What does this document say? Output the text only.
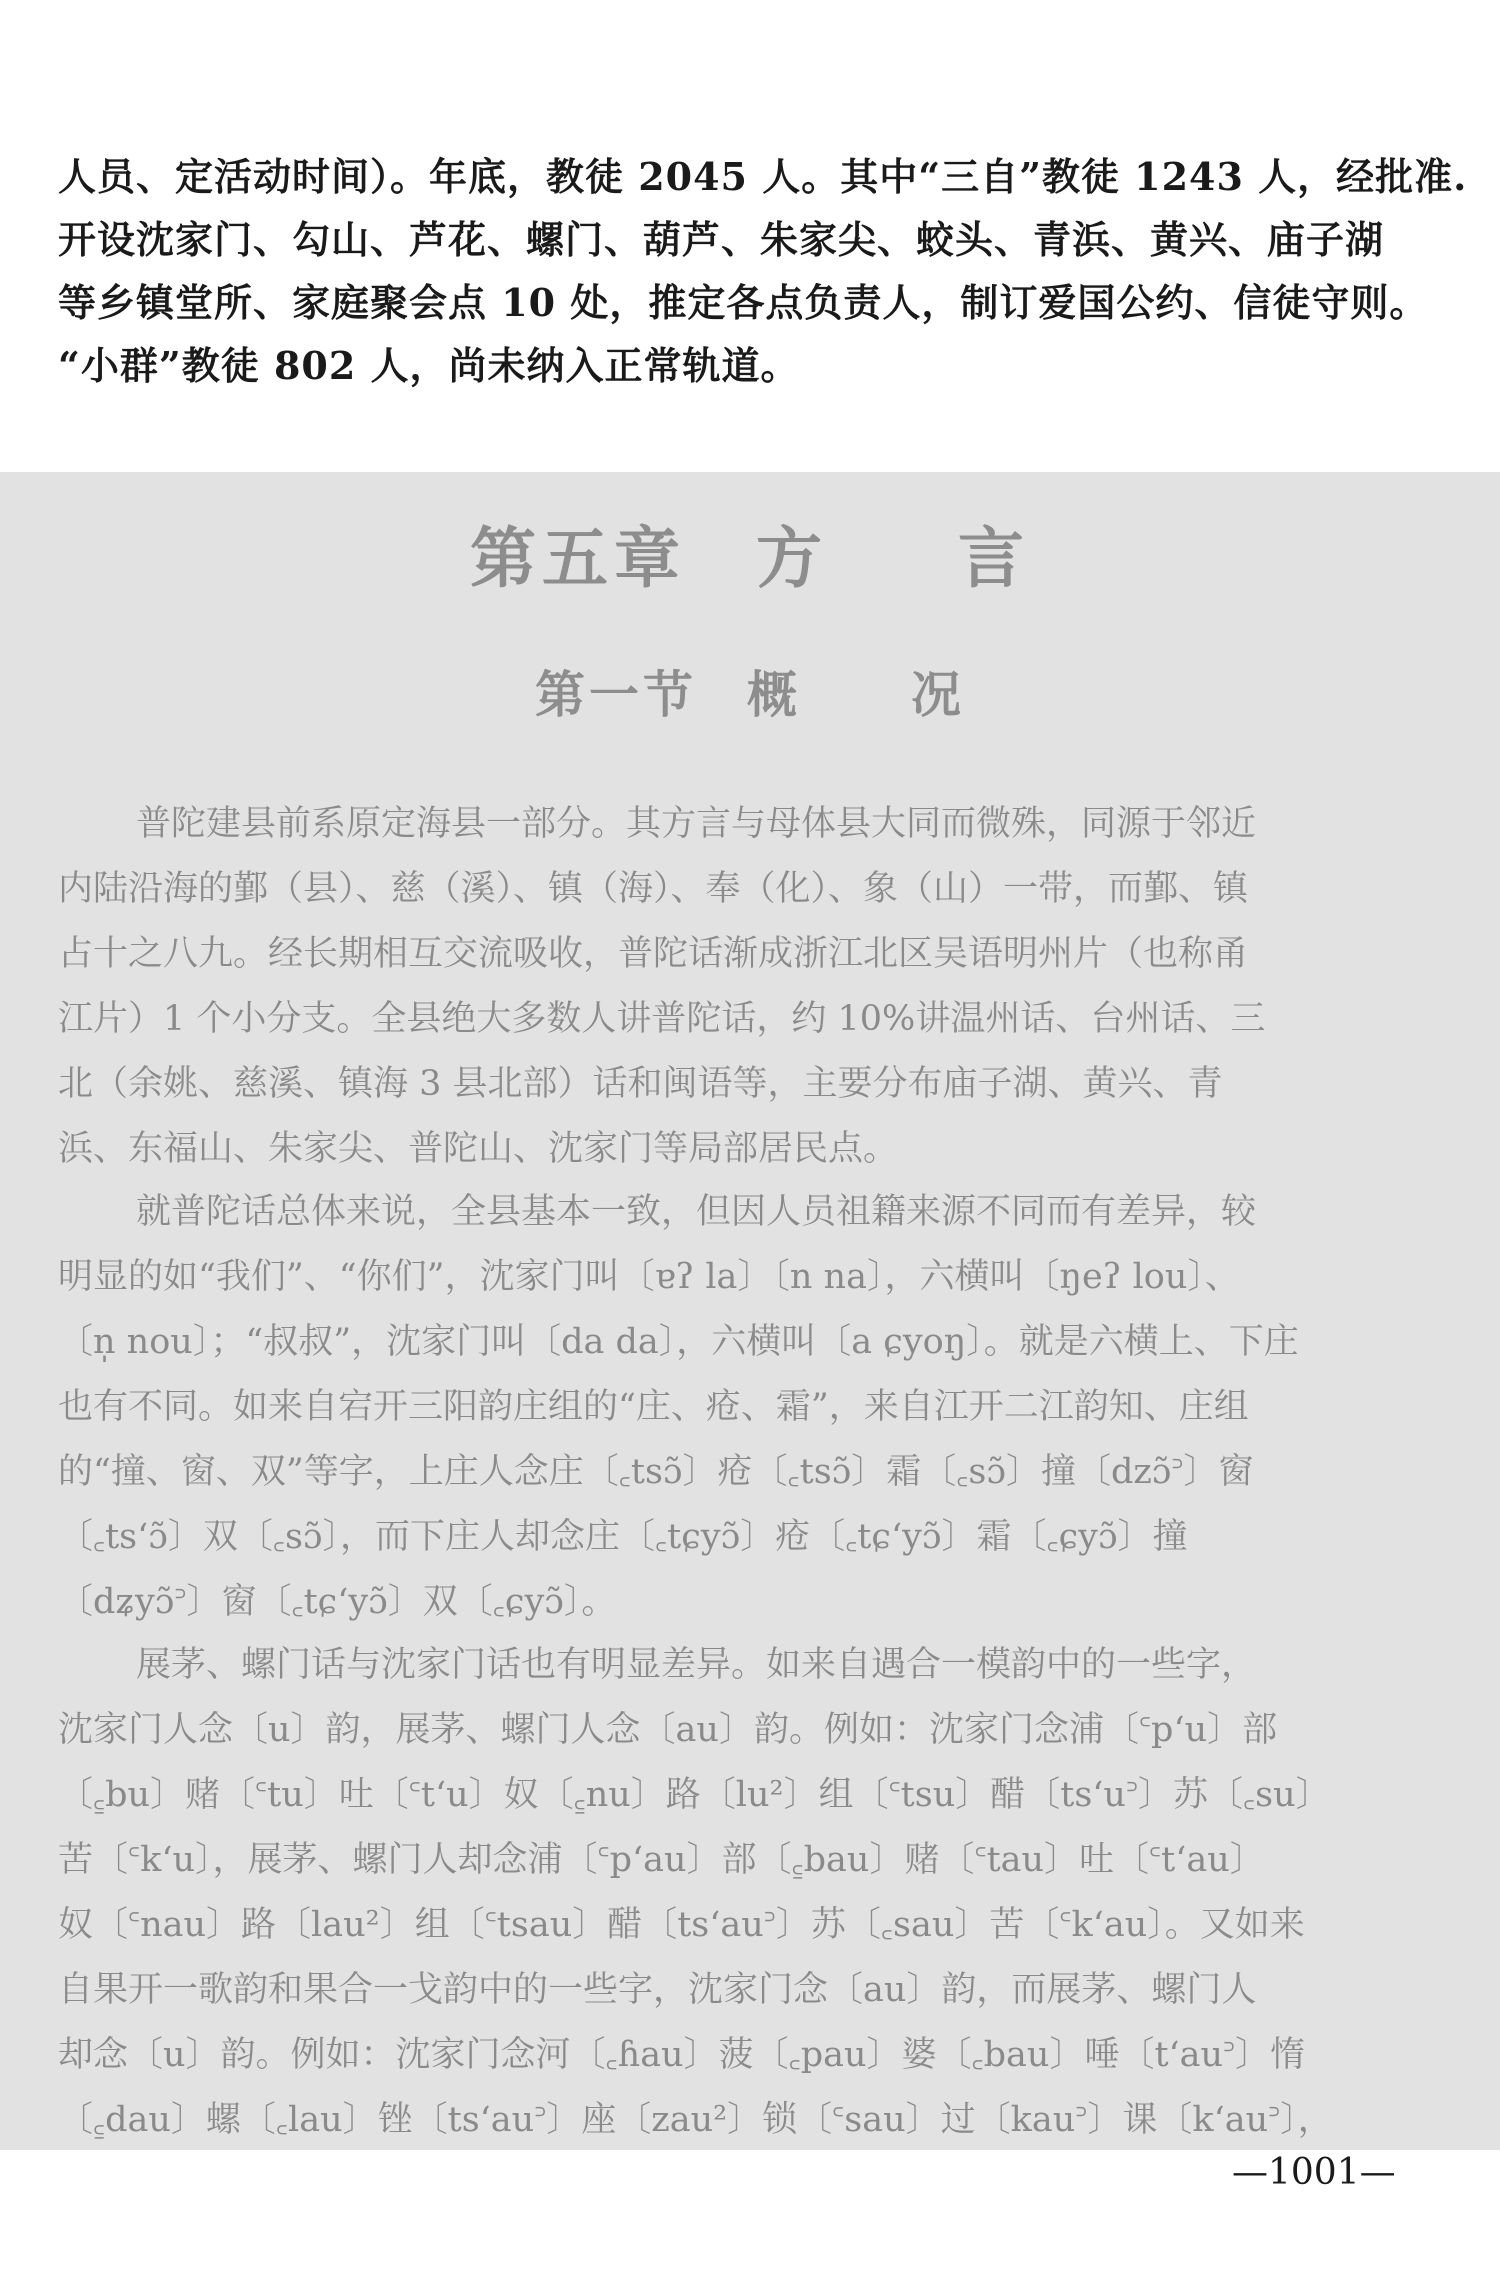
人员、定活动时间）。年底，教徒 2045 人。其中“三自”教徒 1243 人，经批准.
开设沈家门、勾山、芦花、螺门、葫芦、朱家尖、蛟头、青浜、黄兴、庙子湖
等乡镇堂所、家庭聚会点 10 处，推定各点负责人，制订爱国公约、信徒守则。
“小群”教徒 802 人，尚未纳入正常轨道。

第五章 方 言
第一节 概 况

普陀建县前系原定海县一部分。其方言与母体县大同而微殊，同源于邻近
内陆沿海的鄞（县）、慈（溪）、镇（海）、奉（化）、象（山）一带，而鄞、镇
占十之八九。经长期相互交流吸收，普陀话渐成浙江北区吴语明州片（也称甬
江片）1 个小分支。全县绝大多数人讲普陀话，约 10%讲温州话、台州话、三
北（余姚、慈溪、镇海 3 县北部）话和闽语等，主要分布庙子湖、黄兴、青
浜、东福山、朱家尖、普陀山、沈家门等局部居民点。

就普陀话总体来说，全县基本一致，但因人员祖籍来源不同而有差异，较
明显的如“我们”、“你们”，沈家门叫〔ɐʔ la〕〔n na〕，六横叫〔ŋeʔ lou〕、
〔n̩ nou〕；“叔叔”，沈家门叫〔da da〕，六横叫〔a ɕyoŋ〕。就是六横上、下庄
也有不同。如来自宕开三阳韵庄组的“庄、疮、霜”，来自江开二江韵知、庄组
的“撞、窗、双”等字，上庄人念庄〔꜀tsɔ̃〕疮〔꜀tsɔ̃〕霜〔꜀sɔ̃〕撞〔dzɔ̃꜄〕窗
〔꜀ts‘ɔ̃〕双〔꜀sɔ̃〕，而下庄人却念庄〔꜀tɕyɔ̃〕疮〔꜀tɕ‘yɔ̃〕霜〔꜀ɕyɔ̃〕撞
〔dʑyɔ̃꜄〕窗〔꜀tɕ‘yɔ̃〕双〔꜀ɕyɔ̃〕。

展茅、螺门话与沈家门话也有明显差异。如来自遇合一模韵中的一些字，
沈家门人念〔u〕韵，展茅、螺门人念〔au〕韵。例如：沈家门念浦〔꜂p‘u〕部
〔꜁bu〕赌〔꜂tu〕吐〔꜂t‘u〕奴〔꜁nu〕路〔lu²〕组〔꜂tsu〕醋〔ts‘u꜄〕苏〔꜀su〕
苦〔꜂k‘u〕，展茅、螺门人却念浦〔꜂p‘au〕部〔꜁bau〕赌〔꜂tau〕吐〔꜂t‘au〕
奴〔꜂nau〕路〔lau²〕组〔꜂tsau〕醋〔ts‘au꜄〕苏〔꜀sau〕苦〔꜂k‘au〕。又如来
自果开一歌韵和果合一戈韵中的一些字，沈家门念〔au〕韵，而展茅、螺门人
却念〔u〕韵。例如：沈家门念河〔꜀ɦau〕菠〔꜀pau〕婆〔꜀bau〕唾〔t‘au꜄〕惰
〔꜁dau〕螺〔꜀lau〕锉〔ts‘au꜄〕座〔zau²〕锁〔꜂sau〕过〔kau꜄〕课〔k‘au꜄〕，

—1001—
